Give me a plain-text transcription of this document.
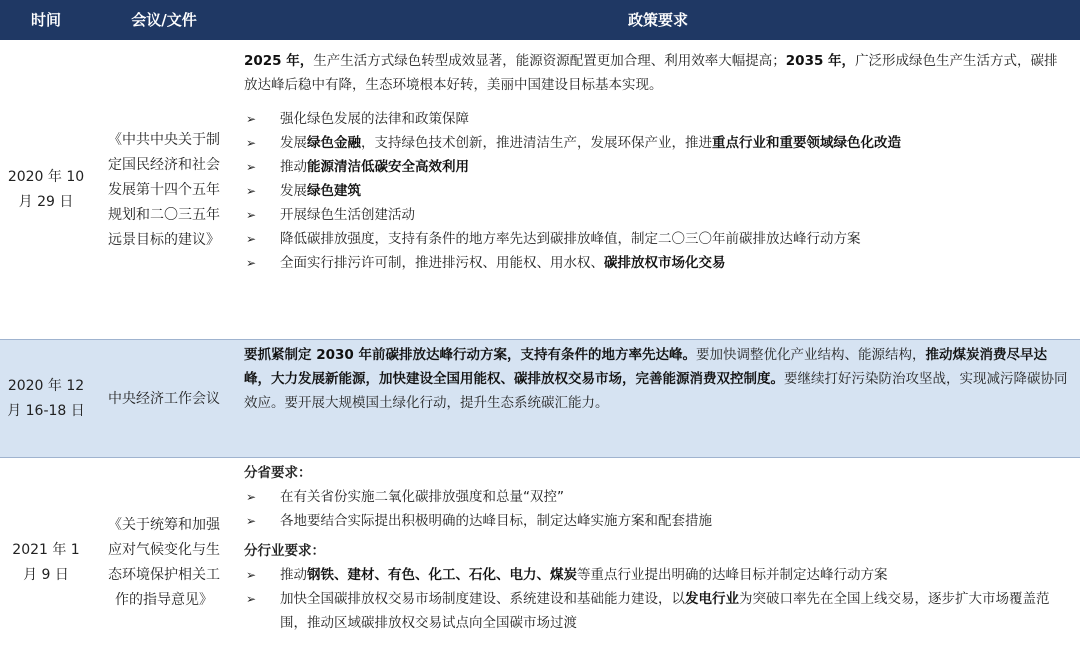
时间	会议/文件	政策要求
2020 年 10 月 29 日
《中共中央关于制定国民经济和社会发展第十四个五年规划和二〇三五年远景目标的建议》

2025 年，生产生活方式绿色转型成效显著，能源资源配置更加合理、利用效率大幅提高；2035 年，广泛形成绿色生产生活方式，碳排放达峰后稳中有降，生态环境根本好转，美丽中国建设目标基本实现。

➢ 强化绿色发展的法律和政策保障
➢ 发展绿色金融，支持绿色技术创新，推进清洁生产，发展环保产业，推进重点行业和重要领域绿色化改造
➢ 推动能源清洁低碳安全高效利用
➢ 发展绿色建筑
➢ 开展绿色生活创建活动
➢ 降低碳排放强度，支持有条件的地方率先达到碳排放峰值，制定二〇三〇年前碳排放达峰行动方案
➢ 全面实行排污许可制，推进排污权、用能权、用水权、碳排放权市场化交易
2020 年 12 月 16-18 日
中央经济工作会议

要抓紧制定 2030 年前碳排放达峰行动方案，支持有条件的地方率先达峰。要加快调整优化产业结构、能源结构，推动煤炭消费尽早达峰，大力发展新能源，加快建设全国用能权、碳排放权交易市场，完善能源消费双控制度。要继续打好污染防治攻坚战，实现减污降碳协同效应。要开展大规模国土绿化行动，提升生态系统碳汇能力。

2021 年 1 月 9 日
《关于统筹和加强应对气候变化与生态环境保护相关工作的指导意见》

分省要求：

➢ 在有关省份实施二氧化碳排放强度和总量“双控”
➢ 各地要结合实际提出积极明确的达峰目标，制定达峰实施方案和配套措施

分行业要求：

➢ 推动钢铁、建材、有色、化工、石化、电力、煤炭等重点行业提出明确的达峰目标并制定达峰行动方案
➢ 加快全国碳排放权交易市场制度建设、系统建设和基础能力建设，以发电行业为突破口率先在全国上线交易，逐步扩大市场覆盖范围，推动区域碳排放权交易试点向全国碳市场过渡
